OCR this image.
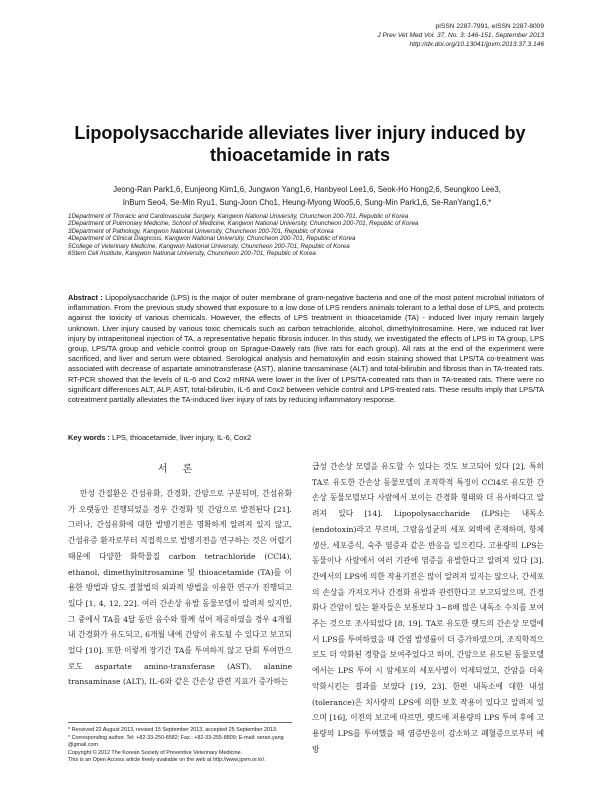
pISSN 2287-7991, eISSN 2287-8009
J Prev Vet Med Vol. 37, No. 3: 146-151, September 2013
http://dx.doi.org/10.13041/jpvm.2013.37.3.146
Lipopolysaccharide alleviates liver injury induced by
thioacetamide in rats
Jeong-Ran Park1,6, Eunjeong Kim1,6, Jungwon Yang1,6, Hanbyeol Lee1,6, Seok-Ho Hong2,6, Seungkoo Lee3,
InBum Seo4, Se-Min Ryu1, Sung-Joon Cho1, Heung-Myong Woo5,6, Sung-Min Park1,6, Se-RanYang1,6,*
1Department of Thoracic and Cardiovascular Surgery, Kangwon National University, Chuncheon 200-701, Republic of Korea
2Department of Pulmonary Medicine, School of Medicine, Kangwon National University, Chuncheon 200-701, Republic of Korea
3Department of Pathology, Kangwon National University, Chuncheon 200-701, Republic of Korea
4Department of Clinical Diagnosis, Kangwon National University, Chuncheon 200-701, Republic of Korea
5College of Veterinary Medicine, Kangwon National University, Chuncheon 200-701, Republic of Korea
6Stem Cell Institute, Kangwon National University, Chuncheon 200-701, Republic of Korea
Abstract : Lipopolysaccharide (LPS) is the major of outer membrane of gram-negative bacteria and one of the most potent microbial initiators of inflammation. From the previous study showed that exposure to a low dose of LPS renders animals tolerant to a lethal dose of LPS, and protects against the toxicity of various chemicals. However, the effects of LPS treatment in thioacetamide (TA) - induced liver injury remain largely unknown. Liver injury caused by various toxic chemicals such as carbon tetrachloride, alcohol, dimethylnitrosamine. Here, we induced rat liver injury by intraperitoneal injection of TA, a representative hepatic fibrosis inducer. In this study, we investigated the effects of LPS in TA group, LPS group, LPS/TA group and vehicle control group on Sprague-Dawely rats (five rats for each group). All rats at the end of the experiment were sacrificed, and liver and serum were obtained. Serological analysis and hematoxylin and eosin staining showed that LPS/TA co-treatment was associated with decrease of aspartate aminotransferase (AST), alanine transaminase (ALT) and total-bilirubin and fibrosis than in TA-treated rats. RT-PCR showed that the levels of IL-6 and Cox2 mRNA were lower in the liver of LPS/TA-cotreated rats than in TA-treated rats. There were no significant differences ALT, ALP, AST, total-bilirubin, IL-6 and Cox2 between vehicle control and LPS-treated rats. These results imply that LPS/TA cotreatment partially alleviates the TA-induced liver injury of rats by reducing inflammatory response.
Key words : LPS, thioacetamide, liver injury, IL-6, Cox2
서 론
만성 간질환은 간섬유화, 간경화, 간암으로 구분되며, 간섬유화가 오랫동안 진행되었을 경우 간경화 및 간암으로 발전된다 [21]. 그러나, 간섬유화에 대한 발병기전은 명확하게 알려져 있지 않고, 간섬유증 환자로부터 직접적으로 발병기전을 연구하는 것은 어렵기 때문에 다양한 화학물질 carbon tetrachloride (CCl4), ethanol, dimethylnitrosamine 및 thioacetamide (TA)를 이용한 방법과 담도 결찰법의 외과적 방법을 이용한 연구가 진행되고 있다 [1, 4, 12, 22]. 여러 간손상 유발 동물모델이 알려져 있지만, 그 중에서 TA를 4달 동안 음수와 함께 섞어 제공하였을 경우 4개월 내 간경화가 유도되고, 6개월 내에 간암이 유도될 수 있다고 보고되었다 [10]. 또한 이렇게 장기간 TA를 투여하지 않고 단회 투여만으로도 aspartate amino-transferase (AST), alanine transaminase (ALT), IL-6와 같은 간손상 관련 지표가 증가하는
급성 간손상 모델을 유도할 수 있다는 것도 보고되어 있다 [2]. 특히 TA로 유도한 간손상 동물모델의 조직학적 특징이 CCl4로 유도한 간손상 동물모델보다 사람에서 보이는 간경화 형태와 더 유사하다고 알려져 있다 [14]. Lipopolysaccharide (LPS)는 내독소 (endotoxin)라고 부르며, 그람음성균의 세포 외벽에 존재하며, 항체 생산, 세포증식, 숙주 염증과 같은 반응을 일으킨다. 고용량의 LPS는 동물이나 사람에서 여러 기관에 염증을 유발한다고 알려져 있다 [3]. 간에서의 LPS에 의한 작용기전은 많이 알려져 있지는 않으나, 간세포의 손상을 가져오거나 간경화 유발과 관련한다고 보고되었으며, 간경화나 간암이 있는 환자들은 보통보다 3~8배 많은 내독소 수치를 보여주는 것으로 조사되었다 [8, 19]. TA로 유도한 랫드의 간손상 모델에서 LPS를 투여하였을 때 간염 발생률이 더 증가하였으며, 조직학적으로도 더 악화된 경향을 보여주었다고 하며, 간암으로 유도된 동물모델에서는 LPS 투여 시 암세포의 세포사멸이 억제되었고, 간암을 더욱 악화시킨는 결과를 보였다 [19, 23]. 한편 내독소에 대한 내성 (tolerance)은 치사량의 LPS에 의한 보호 작용이 있다고 알려져 있으며 [16], 이전의 보고에 따르면, 랫드에 저용량의 LPS 투여 후에 고용량의 LPS를 투여했을 때 염증반응이 감소하고 폐혈증으로부터 예방
* Received 22 August 2013, revised 15 September 2013, accepted 25 September 2013.
* Corresponding author. Tel: +82-33-250-8582; Fax.: +82-33-255-8809; E-mail: seran.yang
@gmail.com
Copyright © 2012 The Korean Society of Preventive Veterinary Medicine.
This is an Open Access article freely available on the web at http://www.jpvm.or.kr/.
